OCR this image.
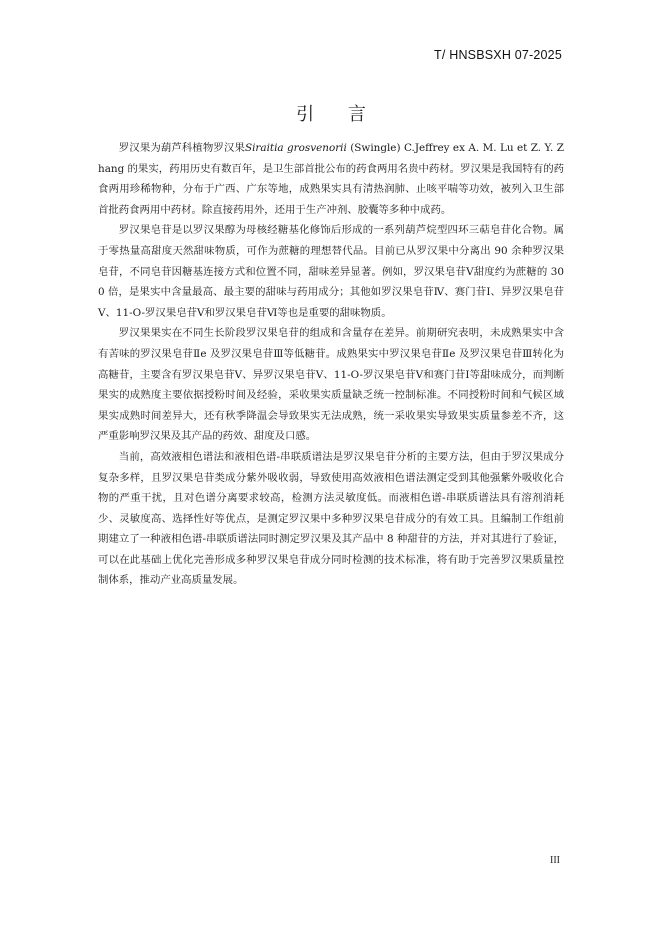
T/ HNSBSXH 07-2025
引 言

罗汉果为葫芦科植物罗汉果Siraitia grosvenorii (Swingle) C.Jeffrey ex A. M. Lu et Z. Y. Zhang 的果实，药用历史有数百年，是卫生部首批公布的药食两用名贵中药材。罗汉果是我国特有的药食两用珍稀物种，分布于广西、广东等地，成熟果实具有清热润肺、止咳平喘等功效，被列入卫生部首批药食两用中药材。除直接药用外，还用于生产冲剂、胶囊等多种中成药。

罗汉果皂苷是以罗汉果醇为母核经糖基化修饰后形成的一系列葫芦烷型四环三萜皂苷化合物。属于零热量高甜度天然甜味物质，可作为蔗糖的理想替代品。目前已从罗汉果中分离出 90 余种罗汉果皂苷，不同皂苷因糖基连接方式和位置不同，甜味差异显著。例如，罗汉果皂苷Ⅴ甜度约为蔗糖的 300 倍，是果实中含量最高、最主要的甜味与药用成分；其他如罗汉果皂苷Ⅳ、赛门苷Ⅰ、异罗汉果皂苷Ⅴ、11-O-罗汉果皂苷Ⅴ和罗汉果皂苷Ⅵ等也是重要的甜味物质。

罗汉果果实在不同生长阶段罗汉果皂苷的组成和含量存在差异。前期研究表明，未成熟果实中含有苦味的罗汉果皂苷Ⅱe 及罗汉果皂苷Ⅲ等低糖苷。成熟果实中罗汉果皂苷Ⅱe 及罗汉果皂苷Ⅲ转化为高糖苷，主要含有罗汉果皂苷Ⅴ、异罗汉果皂苷Ⅴ、11-O-罗汉果皂苷Ⅴ和赛门苷Ⅰ等甜味成分，而判断果实的成熟度主要依据授粉时间及经验，采收果实质量缺乏统一控制标准。不同授粉时间和气候区域果实成熟时间差异大，还有秋季降温会导致果实无法成熟，统一采收果实导致果实质量参差不齐，这严重影响罗汉果及其产品的药效、甜度及口感。

当前，高效液相色谱法和液相色谱-串联质谱法是罗汉果皂苷分析的主要方法，但由于罗汉果成分复杂多样，且罗汉果皂苷类成分紫外吸收弱，导致使用高效液相色谱法测定受到其他强紫外吸收化合物的严重干扰，且对色谱分离要求较高，检测方法灵敏度低。而液相色谱-串联质谱法具有溶剂消耗少、灵敏度高、选择性好等优点，是测定罗汉果中多种罗汉果皂苷成分的有效工具。且编制工作组前期建立了一种液相色谱-串联质谱法同时测定罗汉果及其产品中 8 种甜苷的方法，并对其进行了验证，可以在此基础上优化完善形成多种罗汉果皂苷成分同时检测的技术标准，将有助于完善罗汉果质量控制体系，推动产业高质量发展。

III
